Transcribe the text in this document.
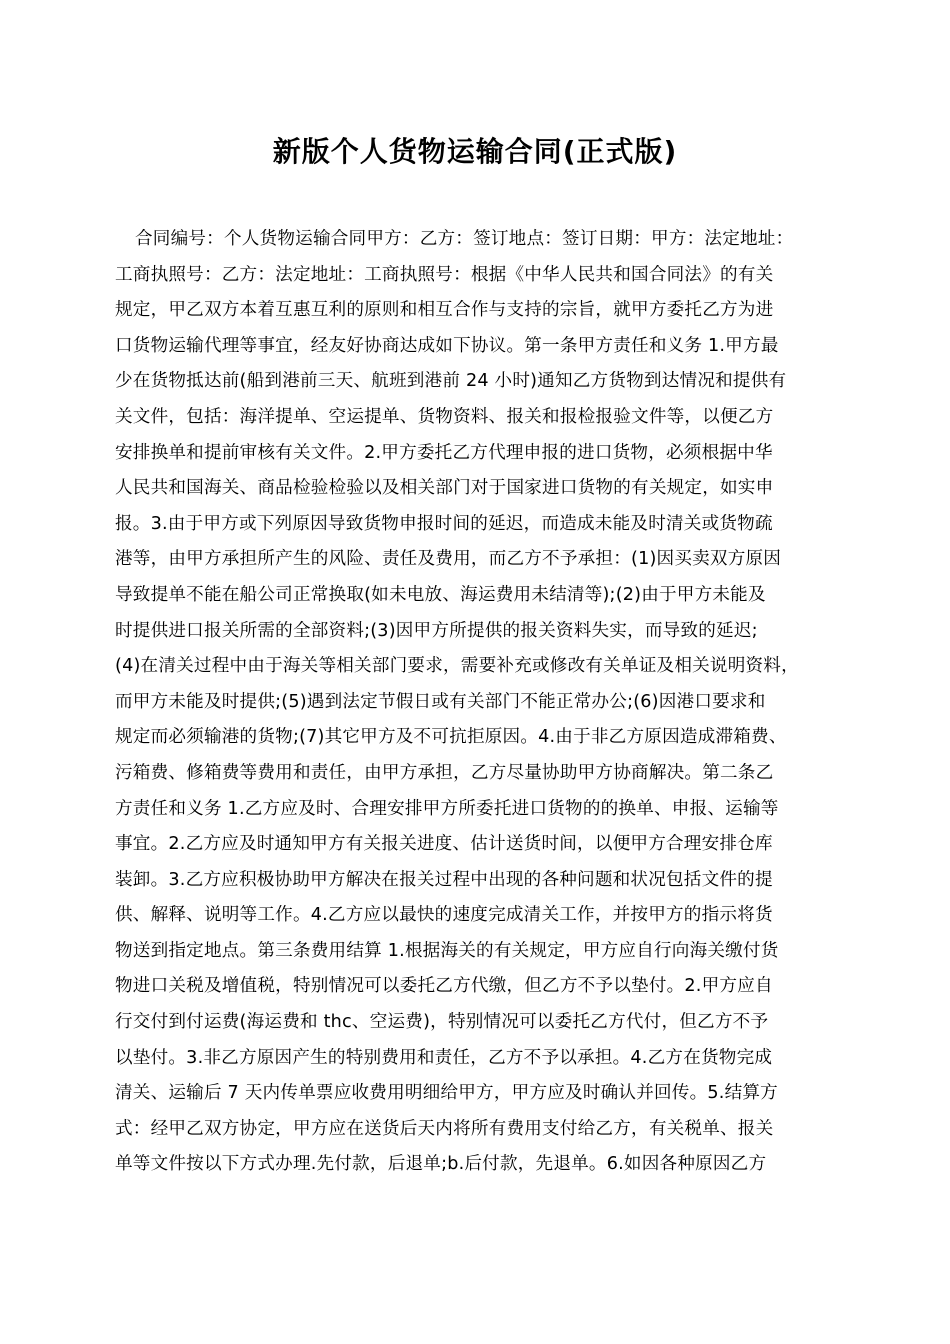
新版个人货物运输合同(正式版)
合同编号：个人货物运输合同甲方：乙方：签订地点：签订日期：甲方：法定地址：
工商执照号：乙方：法定地址：工商执照号：根据《中华人民共和国合同法》的有关
规定，甲乙双方本着互惠互利的原则和相互合作与支持的宗旨，就甲方委托乙方为进
口货物运输代理等事宜，经友好协商达成如下协议。第一条甲方责任和义务 1.甲方最
少在货物抵达前(船到港前三天、航班到港前 24 小时)通知乙方货物到达情况和提供有
关文件，包括：海洋提单、空运提单、货物资料、报关和报检报验文件等，以便乙方
安排换单和提前审核有关文件。2.甲方委托乙方代理申报的进口货物，必须根据中华
人民共和国海关、商品检验检验以及相关部门对于国家进口货物的有关规定，如实申
报。3.由于甲方或下列原因导致货物申报时间的延迟，而造成未能及时清关或货物疏
港等，由甲方承担所产生的风险、责任及费用，而乙方不予承担：(1)因买卖双方原因
导致提单不能在船公司正常换取(如未电放、海运费用未结清等);(2)由于甲方未能及
时提供进口报关所需的全部资料;(3)因甲方所提供的报关资料失实，而导致的延迟;
(4)在清关过程中由于海关等相关部门要求，需要补充或修改有关单证及相关说明资料，
而甲方未能及时提供;(5)遇到法定节假日或有关部门不能正常办公;(6)因港口要求和
规定而必须输港的货物;(7)其它甲方及不可抗拒原因。4.由于非乙方原因造成滞箱费、
污箱费、修箱费等费用和责任，由甲方承担，乙方尽量协助甲方协商解决。第二条乙
方责任和义务 1.乙方应及时、合理安排甲方所委托进口货物的的换单、申报、运输等
事宜。2.乙方应及时通知甲方有关报关进度、估计送货时间，以便甲方合理安排仓库
装卸。3.乙方应积极协助甲方解决在报关过程中出现的各种问题和状况包括文件的提
供、解释、说明等工作。4.乙方应以最快的速度完成清关工作，并按甲方的指示将货
物送到指定地点。第三条费用结算 1.根据海关的有关规定，甲方应自行向海关缴付货
物进口关税及增值税，特别情况可以委托乙方代缴，但乙方不予以垫付。2.甲方应自
行交付到付运费(海运费和 thc、空运费)，特别情况可以委托乙方代付，但乙方不予
以垫付。3.非乙方原因产生的特别费用和责任，乙方不予以承担。4.乙方在货物完成
清关、运输后 7 天内传单票应收费用明细给甲方，甲方应及时确认并回传。5.结算方
式：经甲乙双方协定，甲方应在送货后天内将所有费用支付给乙方，有关税单、报关
单等文件按以下方式办理.先付款，后退单;b.后付款，先退单。6.如因各种原因乙方
